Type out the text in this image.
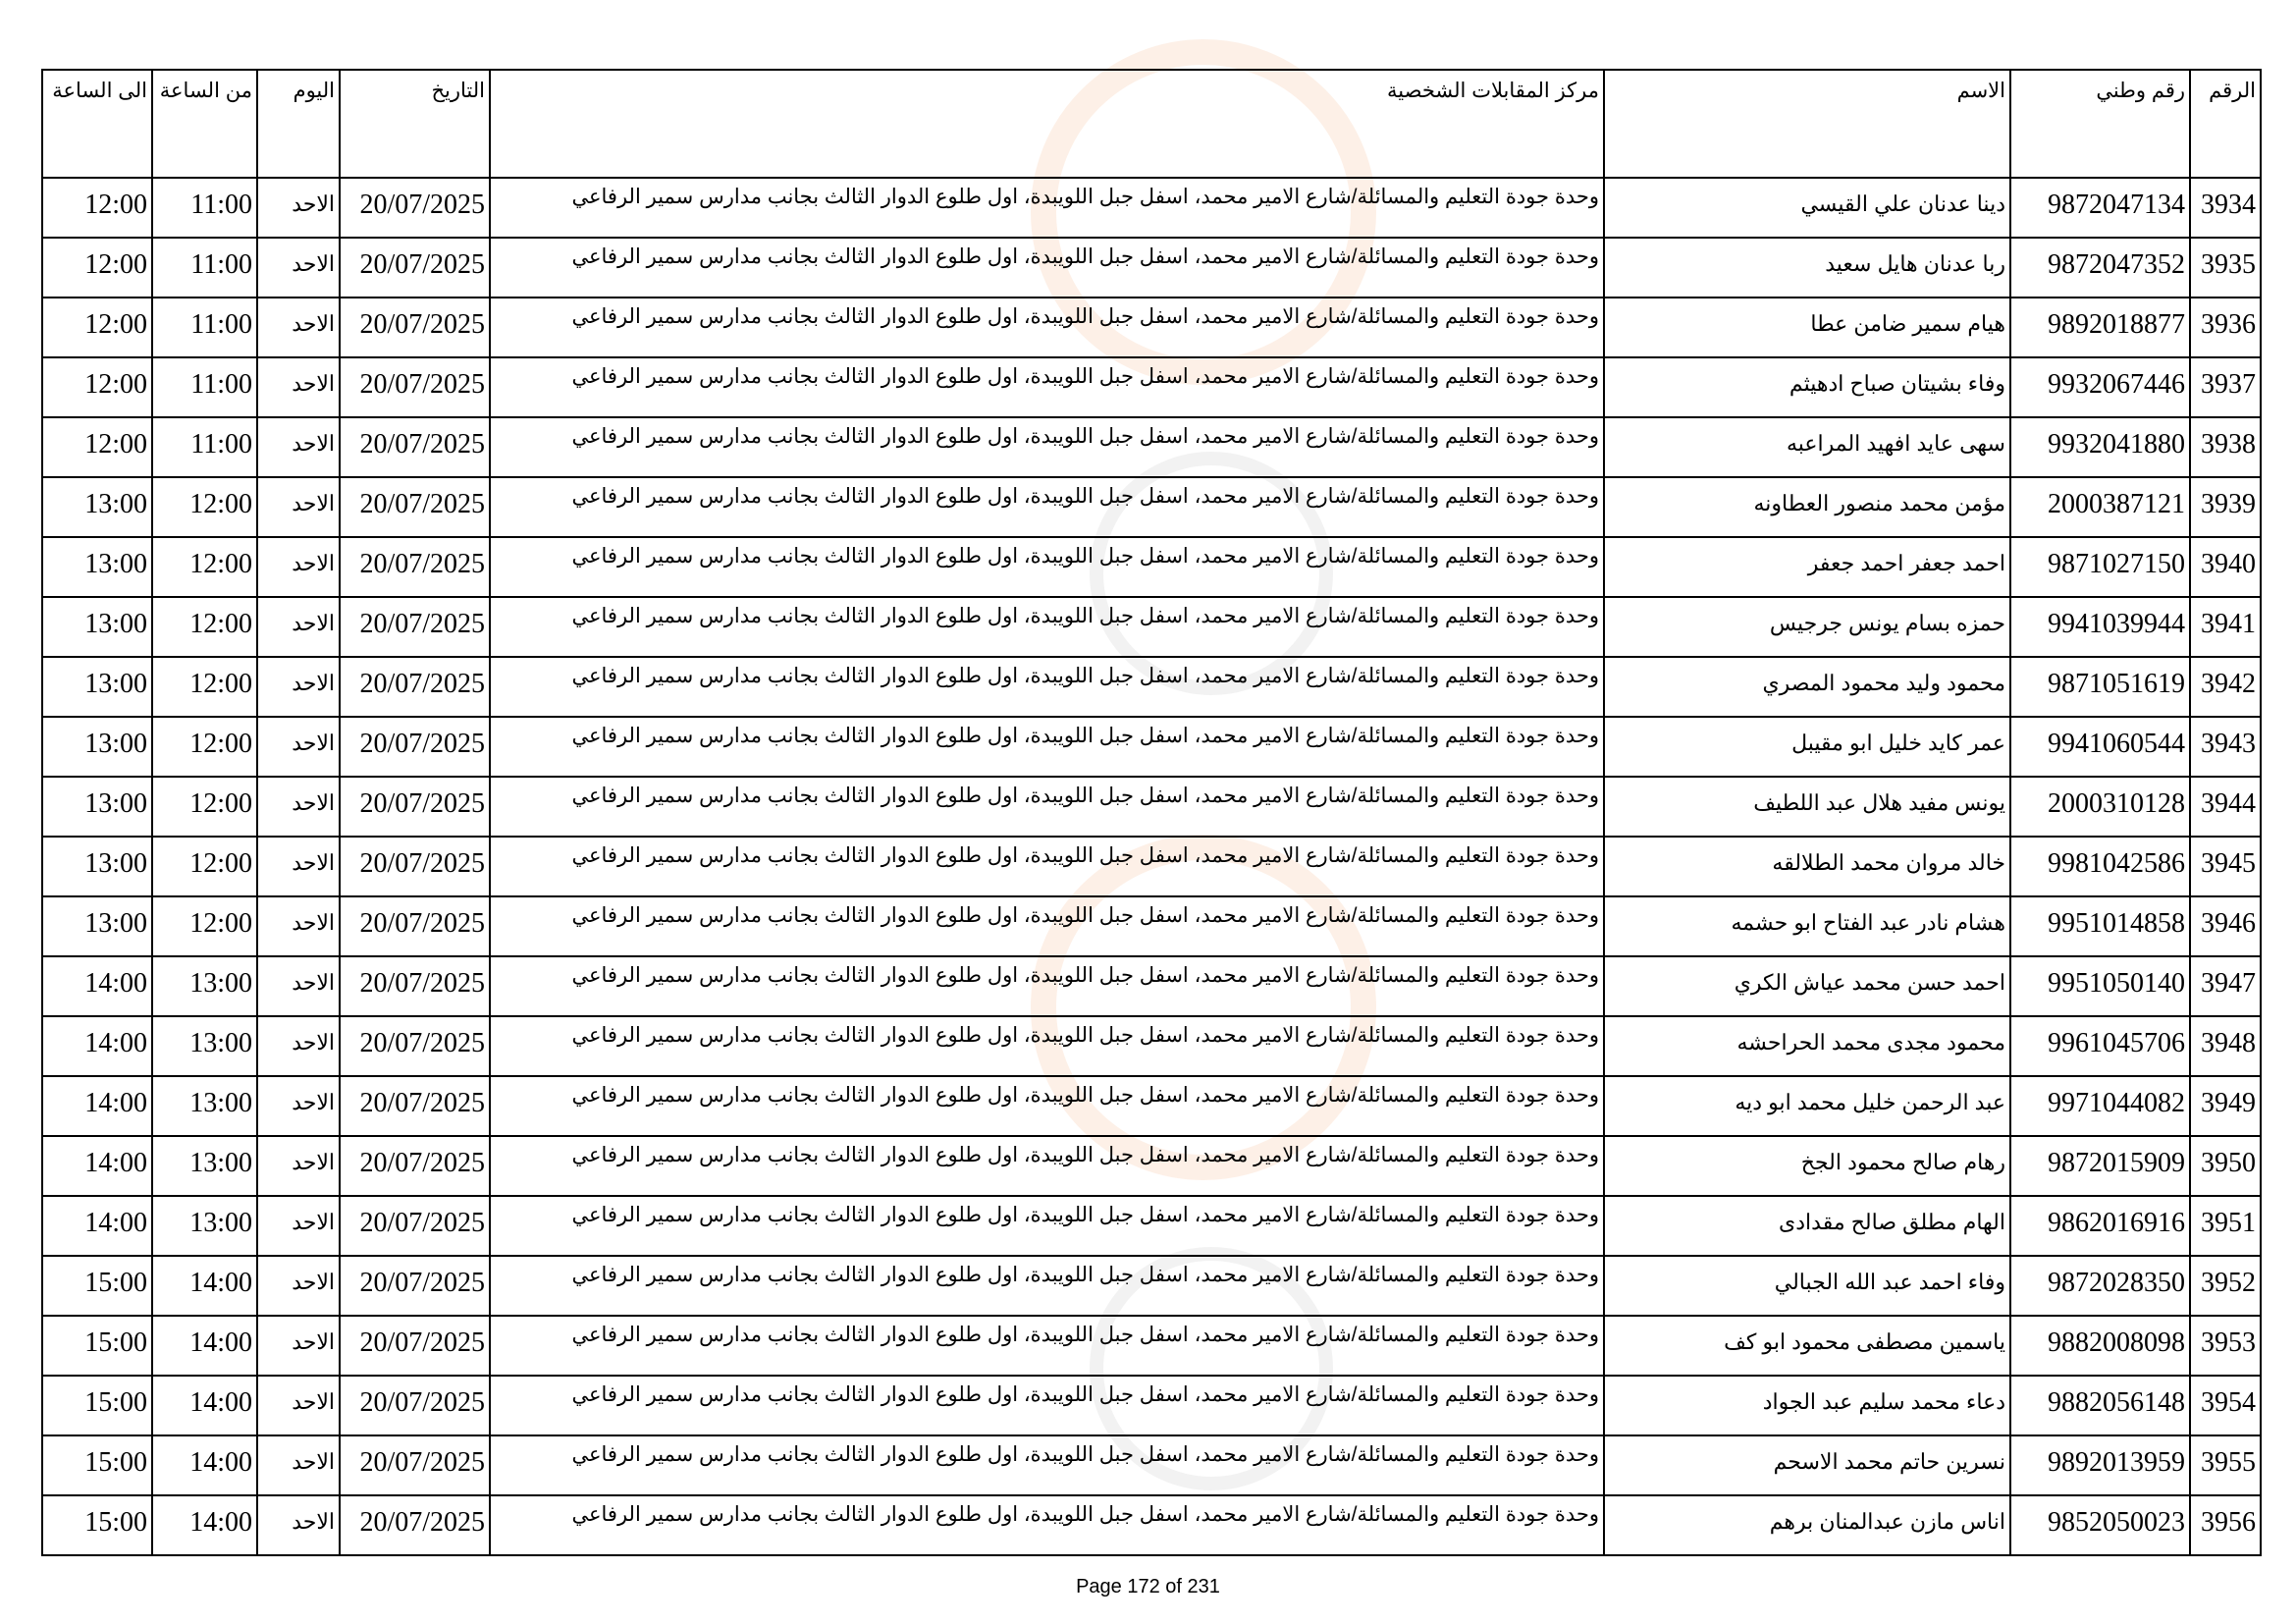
الرقم	رقم وطني	الاسم	مركز المقابلات الشخصية	التاريخ	اليوم	من الساعة	الى الساعة
3934	9872047134	دينا عدنان علي القيسي	وحدة جودة التعليم والمسائلة/شارع الامير محمد، اسفل جبل اللويبدة، اول طلوع الدوار الثالث بجانب مدارس سمير الرفاعي	20/07/2025	الاحد	11:00	12:00
3935	9872047352	ربا عدنان هايل سعيد	وحدة جودة التعليم والمسائلة/شارع الامير محمد، اسفل جبل اللويبدة، اول طلوع الدوار الثالث بجانب مدارس سمير الرفاعي	20/07/2025	الاحد	11:00	12:00
3936	9892018877	هيام سمير ضامن عطا	وحدة جودة التعليم والمسائلة/شارع الامير محمد، اسفل جبل اللويبدة، اول طلوع الدوار الثالث بجانب مدارس سمير الرفاعي	20/07/2025	الاحد	11:00	12:00
3937	9932067446	وفاء بشيتان صباح ادهيثم	وحدة جودة التعليم والمسائلة/شارع الامير محمد، اسفل جبل اللويبدة، اول طلوع الدوار الثالث بجانب مدارس سمير الرفاعي	20/07/2025	الاحد	11:00	12:00
3938	9932041880	سهى عايد افهيد المراعبه	وحدة جودة التعليم والمسائلة/شارع الامير محمد، اسفل جبل اللويبدة، اول طلوع الدوار الثالث بجانب مدارس سمير الرفاعي	20/07/2025	الاحد	11:00	12:00
3939	2000387121	مؤمن محمد منصور العطاونه	وحدة جودة التعليم والمسائلة/شارع الامير محمد، اسفل جبل اللويبدة، اول طلوع الدوار الثالث بجانب مدارس سمير الرفاعي	20/07/2025	الاحد	12:00	13:00
3940	9871027150	احمد جعفر احمد جعفر	وحدة جودة التعليم والمسائلة/شارع الامير محمد، اسفل جبل اللويبدة، اول طلوع الدوار الثالث بجانب مدارس سمير الرفاعي	20/07/2025	الاحد	12:00	13:00
3941	9941039944	حمزه بسام يونس جرجيس	وحدة جودة التعليم والمسائلة/شارع الامير محمد، اسفل جبل اللويبدة، اول طلوع الدوار الثالث بجانب مدارس سمير الرفاعي	20/07/2025	الاحد	12:00	13:00
3942	9871051619	محمود وليد محمود المصري	وحدة جودة التعليم والمسائلة/شارع الامير محمد، اسفل جبل اللويبدة، اول طلوع الدوار الثالث بجانب مدارس سمير الرفاعي	20/07/2025	الاحد	12:00	13:00
3943	9941060544	عمر كايد خليل ابو مقيبل	وحدة جودة التعليم والمسائلة/شارع الامير محمد، اسفل جبل اللويبدة، اول طلوع الدوار الثالث بجانب مدارس سمير الرفاعي	20/07/2025	الاحد	12:00	13:00
3944	2000310128	يونس مفيد هلال عبد اللطيف	وحدة جودة التعليم والمسائلة/شارع الامير محمد، اسفل جبل اللويبدة، اول طلوع الدوار الثالث بجانب مدارس سمير الرفاعي	20/07/2025	الاحد	12:00	13:00
3945	9981042586	خالد مروان محمد الطلالقه	وحدة جودة التعليم والمسائلة/شارع الامير محمد، اسفل جبل اللويبدة، اول طلوع الدوار الثالث بجانب مدارس سمير الرفاعي	20/07/2025	الاحد	12:00	13:00
3946	9951014858	هشام نادر عبد الفتاح ابو حشمه	وحدة جودة التعليم والمسائلة/شارع الامير محمد، اسفل جبل اللويبدة، اول طلوع الدوار الثالث بجانب مدارس سمير الرفاعي	20/07/2025	الاحد	12:00	13:00
3947	9951050140	احمد حسن محمد عياش الكري	وحدة جودة التعليم والمسائلة/شارع الامير محمد، اسفل جبل اللويبدة، اول طلوع الدوار الثالث بجانب مدارس سمير الرفاعي	20/07/2025	الاحد	13:00	14:00
3948	9961045706	محمود مجدى محمد الحراحشه	وحدة جودة التعليم والمسائلة/شارع الامير محمد، اسفل جبل اللويبدة، اول طلوع الدوار الثالث بجانب مدارس سمير الرفاعي	20/07/2025	الاحد	13:00	14:00
3949	9971044082	عبد الرحمن خليل محمد ابو ديه	وحدة جودة التعليم والمسائلة/شارع الامير محمد، اسفل جبل اللويبدة، اول طلوع الدوار الثالث بجانب مدارس سمير الرفاعي	20/07/2025	الاحد	13:00	14:00
3950	9872015909	رهام صالح محمود الجخ	وحدة جودة التعليم والمسائلة/شارع الامير محمد، اسفل جبل اللويبدة، اول طلوع الدوار الثالث بجانب مدارس سمير الرفاعي	20/07/2025	الاحد	13:00	14:00
3951	9862016916	الهام مطلق صالح مقدادى	وحدة جودة التعليم والمسائلة/شارع الامير محمد، اسفل جبل اللويبدة، اول طلوع الدوار الثالث بجانب مدارس سمير الرفاعي	20/07/2025	الاحد	13:00	14:00
3952	9872028350	وفاء احمد عبد الله الجبالي	وحدة جودة التعليم والمسائلة/شارع الامير محمد، اسفل جبل اللويبدة، اول طلوع الدوار الثالث بجانب مدارس سمير الرفاعي	20/07/2025	الاحد	14:00	15:00
3953	9882008098	ياسمين مصطفى محمود ابو كف	وحدة جودة التعليم والمسائلة/شارع الامير محمد، اسفل جبل اللويبدة، اول طلوع الدوار الثالث بجانب مدارس سمير الرفاعي	20/07/2025	الاحد	14:00	15:00
3954	9882056148	دعاء محمد سليم عبد الجواد	وحدة جودة التعليم والمسائلة/شارع الامير محمد، اسفل جبل اللويبدة، اول طلوع الدوار الثالث بجانب مدارس سمير الرفاعي	20/07/2025	الاحد	14:00	15:00
3955	9892013959	نسرين حاتم محمد الاسحم	وحدة جودة التعليم والمسائلة/شارع الامير محمد، اسفل جبل اللويبدة، اول طلوع الدوار الثالث بجانب مدارس سمير الرفاعي	20/07/2025	الاحد	14:00	15:00
3956	9852050023	اناس مازن عبدالمنان برهم	وحدة جودة التعليم والمسائلة/شارع الامير محمد، اسفل جبل اللويبدة، اول طلوع الدوار الثالث بجانب مدارس سمير الرفاعي	20/07/2025	الاحد	14:00	15:00
Page 172 of 231
